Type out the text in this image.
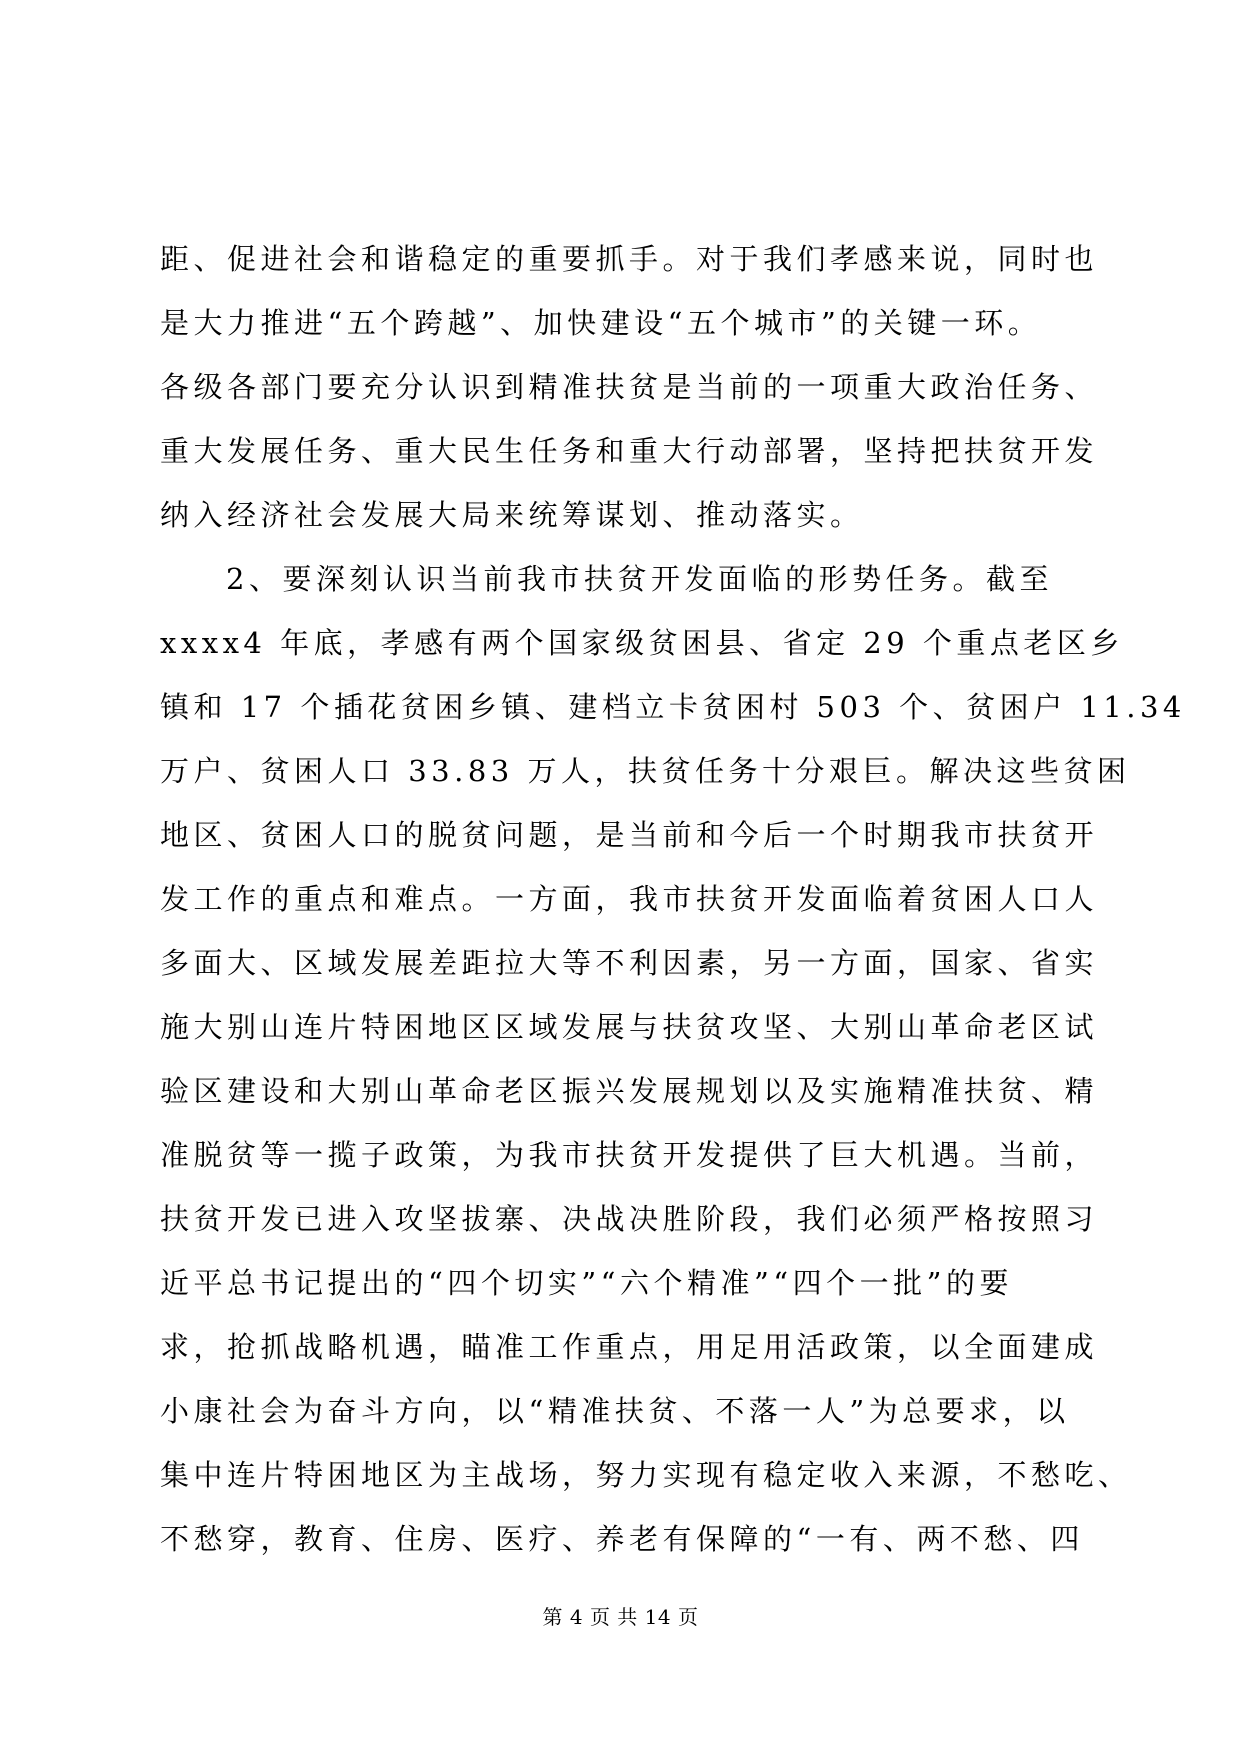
距、促进社会和谐稳定的重要抓手。对于我们孝感来说，同时也
是大力推进“五个跨越”、加快建设“五个城市”的关键一环。
各级各部门要充分认识到精准扶贫是当前的一项重大政治任务、
重大发展任务、重大民生任务和重大行动部署，坚持把扶贫开发
纳入经济社会发展大局来统筹谋划、推动落实。
2、要深刻认识当前我市扶贫开发面临的形势任务。截至
xxxx4 年底，孝感有两个国家级贫困县、省定 29 个重点老区乡
镇和 17 个插花贫困乡镇、建档立卡贫困村 503 个、贫困户 11.34
万户、贫困人口 33.83 万人，扶贫任务十分艰巨。解决这些贫困
地区、贫困人口的脱贫问题，是当前和今后一个时期我市扶贫开
发工作的重点和难点。一方面，我市扶贫开发面临着贫困人口人
多面大、区域发展差距拉大等不利因素，另一方面，国家、省实
施大别山连片特困地区区域发展与扶贫攻坚、大别山革命老区试
验区建设和大别山革命老区振兴发展规划以及实施精准扶贫、精
准脱贫等一揽子政策，为我市扶贫开发提供了巨大机遇。当前，
扶贫开发已进入攻坚拔寨、决战决胜阶段，我们必须严格按照习
近平总书记提出的“四个切实”“六个精准”“四个一批”的要
求，抢抓战略机遇，瞄准工作重点，用足用活政策，以全面建成
小康社会为奋斗方向，以“精准扶贫、不落一人”为总要求，以
集中连片特困地区为主战场，努力实现有稳定收入来源，不愁吃、
不愁穿，教育、住房、医疗、养老有保障的“一有、两不愁、四
第 4 页 共 14 页
